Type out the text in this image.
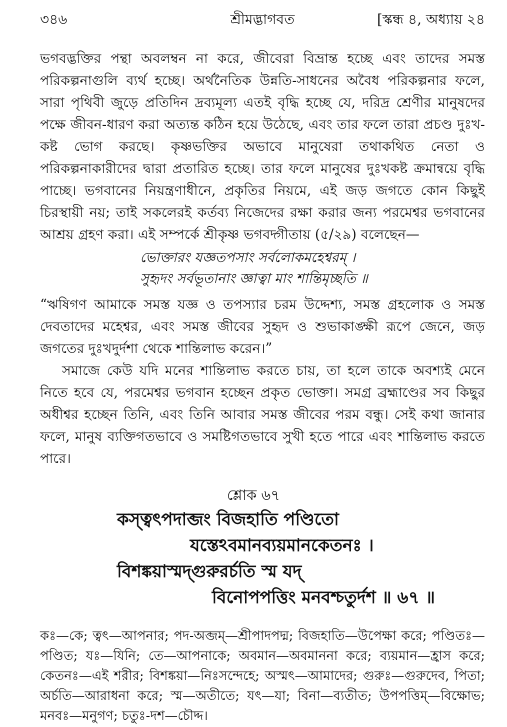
৩৪৬	শ্রীমদ্ভাগবত	[স্কন্ধ ৪, অধ্যায় ২৪

ভগবদ্ভক্তির পন্থা অবলম্বন না করে, জীবেরা বিভ্রান্ত হচ্ছে এবং তাদের সমস্ত পরিকল্পনাগুলি ব্যর্থ হচ্ছে। অর্থনৈতিক উন্নতি-সাধনের অবৈধ পরিকল্পনার ফলে, সারা পৃথিবী জুড়ে প্রতিদিন দ্রব্যমূল্য এতই বৃদ্ধি হচ্ছে যে, দরিদ্র শ্রেণীর মানুষদের পক্ষে জীবন-ধারণ করা অত্যন্ত কঠিন হয়ে উঠেছে, এবং তার ফলে তারা প্রচণ্ড দুঃখ-কষ্ট ভোগ করছে। কৃষ্ণভক্তির অভাবে মানুষেরা তথাকথিত নেতা ও পরিকল্পনাকারীদের দ্বারা প্রতারিত হচ্ছে। তার ফলে মানুষের দুঃখকষ্ট ক্রমান্বয়ে বৃদ্ধি পাচ্ছে। ভগবানের নিয়ন্ত্রণাধীনে, প্রকৃতির নিয়মে, এই জড় জগতে কোন কিছুই চিরস্থায়ী নয়; তাই সকলেরই কর্তব্য নিজেদের রক্ষা করার জন্য পরমেশ্বর ভগবানের আশ্রয় গ্রহণ করা। এই সম্পর্কে শ্রীকৃষ্ণ ভগবদ্গীতায় (৫/২৯) বলেছেন—

ভোক্তারং যজ্ঞতপসাং সর্বলোকমহেশ্বরম্ ।
সুহৃদং সর্বভূতানাং জ্ঞাত্বা মাং শান্তিমৃচ্ছতি ॥

“ঋষিগণ আমাকে সমস্ত যজ্ঞ ও তপস্যার চরম উদ্দেশ্য, সমস্ত গ্রহলোক ও সমস্ত দেবতাদের মহেশ্বর, এবং সমস্ত জীবের সুহৃদ ও শুভাকাঙ্ক্ষী রূপে জেনে, জড় জগতের দুঃখদুর্দশা থেকে শান্তিলাভ করেন।”

সমাজে কেউ যদি মনের শান্তিলাভ করতে চায়, তা হলে তাকে অবশ্যই মেনে নিতে হবে যে, পরমেশ্বর ভগবান হচ্ছেন প্রকৃত ভোক্তা। সমগ্র ব্রহ্মাণ্ডের সব কিছুর অধীশ্বর হচ্ছেন তিনি, এবং তিনি আবার সমস্ত জীবের পরম বন্ধু। সেই কথা জানার ফলে, মানুষ ব্যক্তিগতভাবে ও সমষ্টিগতভাবে সুখী হতে পারে এবং শান্তিলাভ করতে পারে।

শ্লোক ৬৭
কস্ত্বৎপদাব্জং বিজহাতি পণ্ডিতো
যস্তেঽবমানব্যয়মানকেতনঃ ।
বিশঙ্কয়াস্মদ্গুরুরর্চতি স্ম যদ্
বিনোপপত্তিং মনবশ্চতুর্দশ ॥ ৬৭ ॥
কঃ—কে; ত্বৎ—আপনার; পদ-অব্জম্—শ্রীপাদপদ্ম; বিজহাতি—উপেক্ষা করে; পণ্ডিতঃ—পণ্ডিত; যঃ—যিনি; তে—আপনাকে; অবমান—অবমাননা করে; ব্যয়মান—হ্রাস করে; কেতনঃ—এই শরীর; বিশঙ্কয়া—নিঃসন্দেহে; অস্মৎ—আমাদের; গুরুঃ—গুরুদেব, পিতা; অর্চতি—আরাধনা করে; স্ম—অতীতে; যৎ—যা; বিনা—ব্যতীত; উপপত্তিম্—বিক্ষোভ; মনবঃ—মনুগণ; চতুঃ-দশ—চৌদ্দ।
